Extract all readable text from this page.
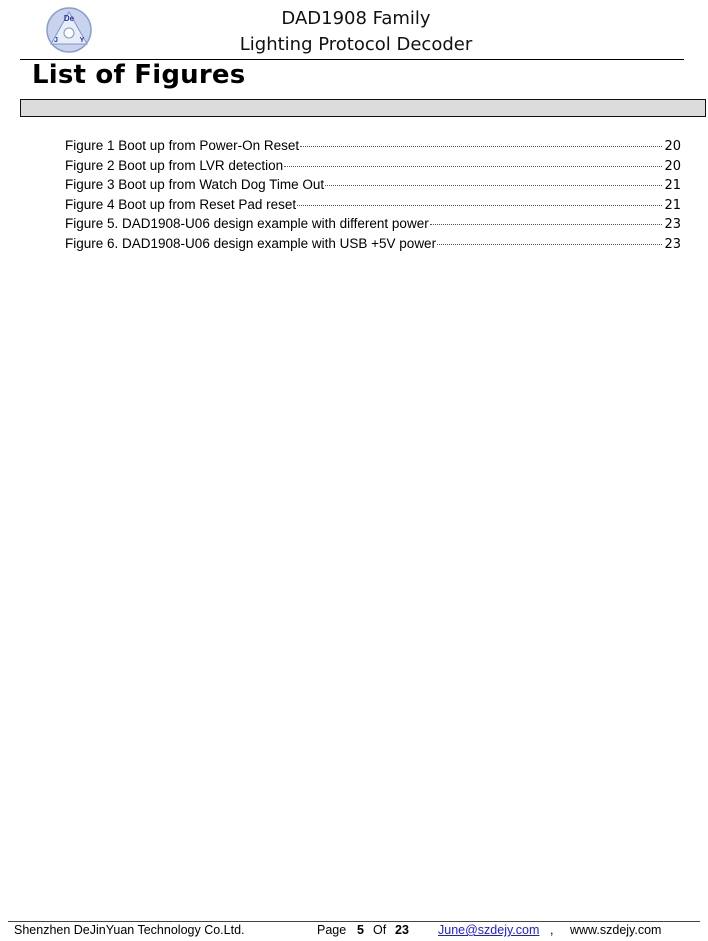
De
J	Y
DAD1908 Family
Lighting Protocol Decoder
List of Figures
Figure 1 Boot up from Power-On Reset	20
Figure 2 Boot up from LVR detection	20
Figure 3 Boot up from Watch Dog Time Out	21
Figure 4 Boot up from Reset Pad reset	21
Figure 5. DAD1908-U06 design example with different power	23
Figure 6. DAD1908-U06 design example with USB +5V power	23
Shenzhen DeJinYuan Technology Co.Ltd.	Page 5 Of 23 June@szdejy.com , www.szdejy.com
